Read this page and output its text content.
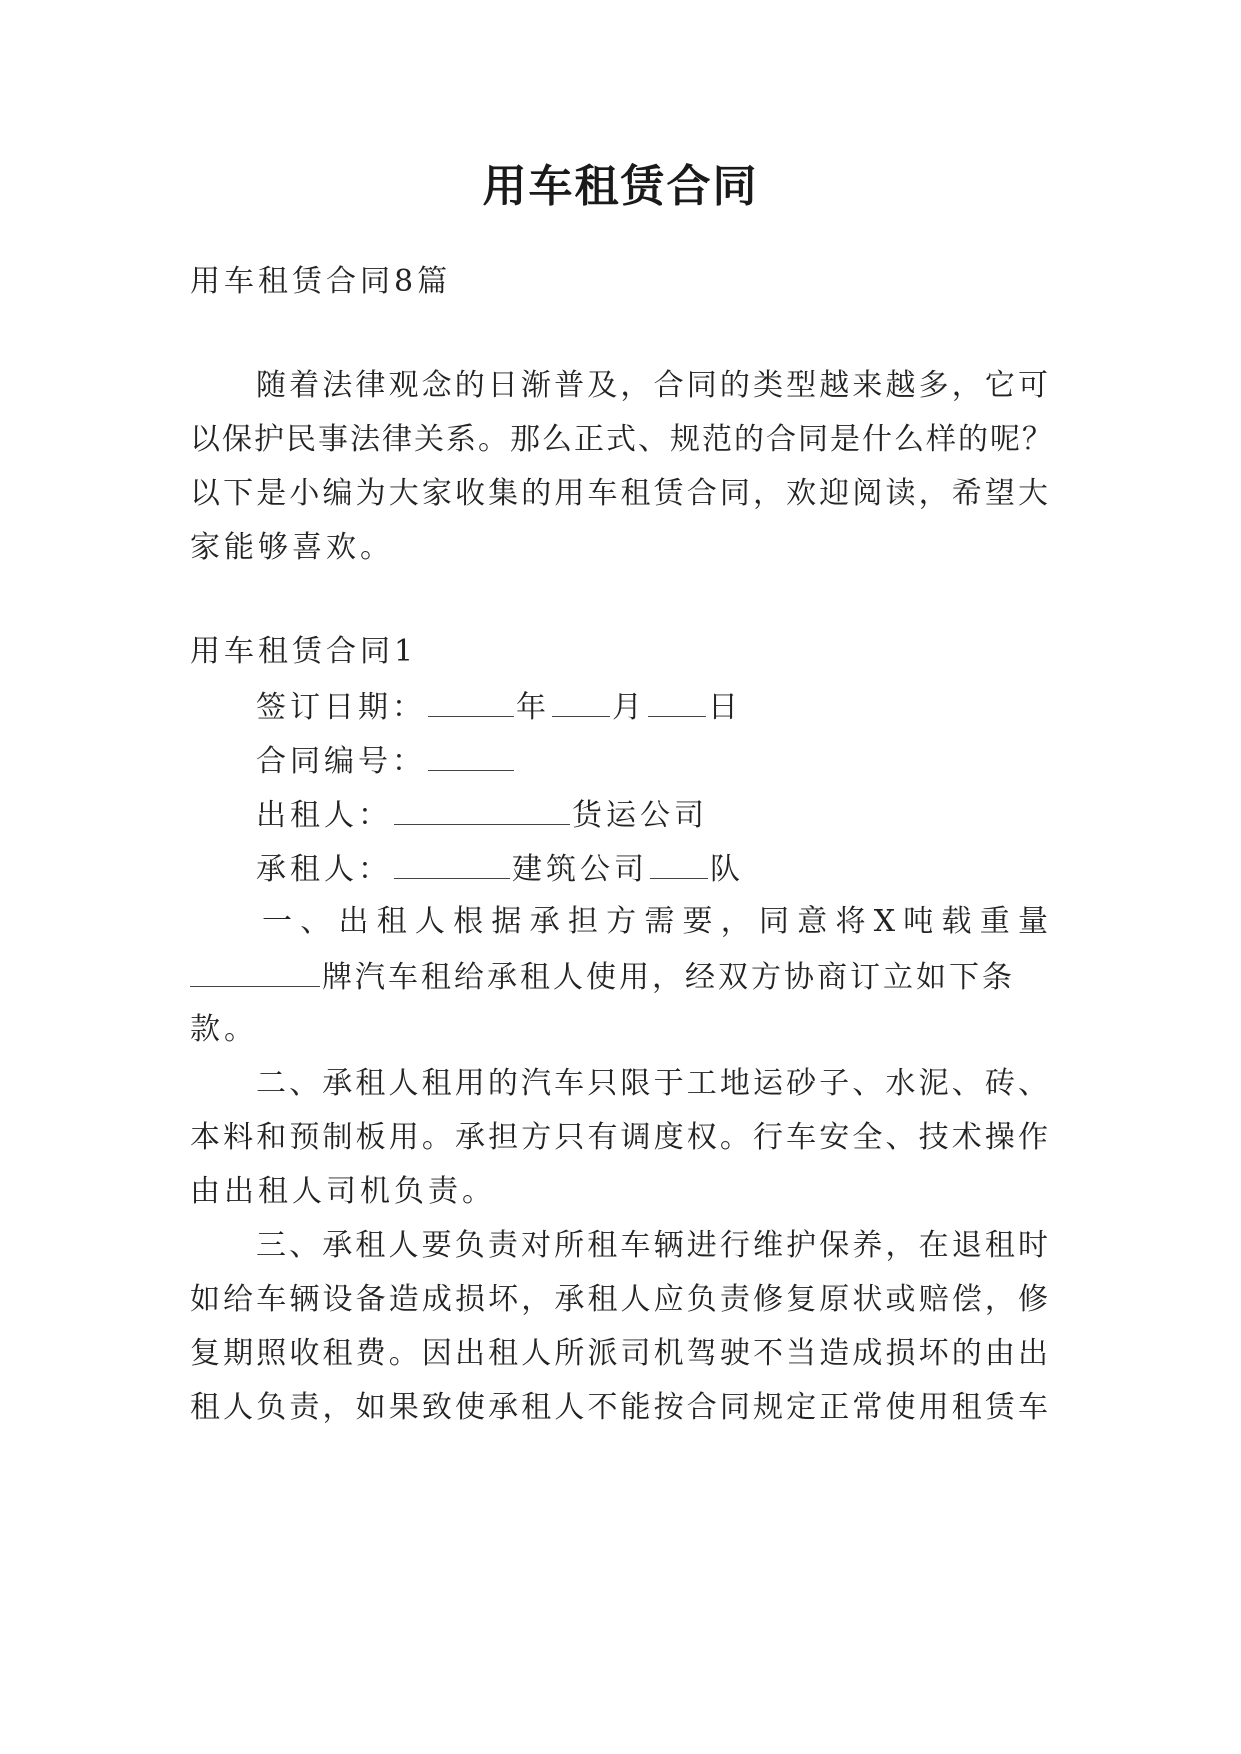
用车租赁合同
用车租赁合同8篇
随着法律观念的日渐普及，合同的类型越来越多，它可
以保护民事法律关系。那么正式、规范的合同是什么样的呢？
以下是小编为大家收集的用车租赁合同，欢迎阅读，希望大
家能够喜欢。
用车租赁合同1
签订日期：	年 月 日
合同编号：
出租人：	货运公司
承租人：	建筑公司 队
一、出租人根据承担方需要，同意将X吨载重量
牌汽车租给承租人使用，经双方协商订立如下条
款。
二、承租人租用的汽车只限于工地运砂子、水泥、砖、
本料和预制板用。承担方只有调度权。行车安全、技术操作
由出租人司机负责。
三、承租人要负责对所租车辆进行维护保养，在退租时
如给车辆设备造成损坏，承租人应负责修复原状或赔偿，修
复期照收租费。因出租人所派司机驾驶不当造成损坏的由出
租人负责，如果致使承租人不能按合同规定正常使用租赁车
